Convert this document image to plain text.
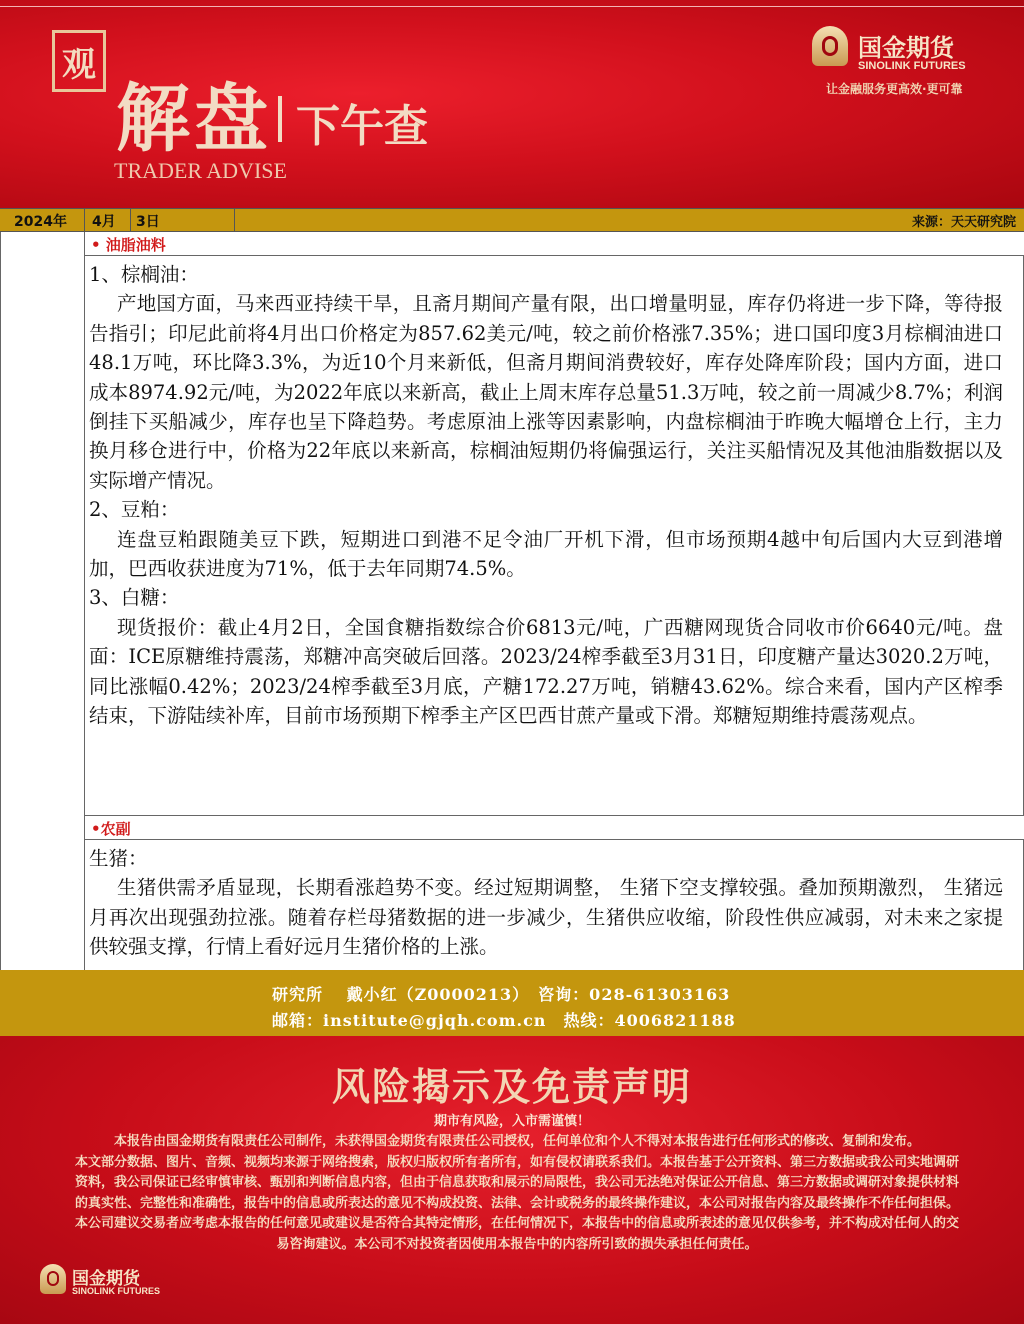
观
解盘 下午查
TRADER ADVISE
国金期货
SINOLINK FUTURES
让金融服务更高效·更可靠
2024年 4月 3日	来源：天天研究院
• 油脂油料

1、棕榈油：

产地国方面，马来西亚持续干旱，且斋月期间产量有限，出口增量明显，库存仍将进一步下降，等待报告指引；印尼此前将4月出口价格定为857.62美元/吨，较之前价格涨7.35%；进口国印度3月棕榈油进口48.1万吨，环比降3.3%，为近10个月来新低，但斋月期间消费较好，库存处降库阶段；国内方面，进口成本8974.92元/吨，为2022年底以来新高，截止上周末库存总量51.3万吨，较之前一周减少8.7%；利润倒挂下买船减少，库存也呈下降趋势。考虑原油上涨等因素影响，内盘棕榈油于昨晚大幅增仓上行，主力换月移仓进行中，价格为22年底以来新高，棕榈油短期仍将偏强运行，关注买船情况及其他油脂数据以及实际增产情况。

2、豆粕：

连盘豆粕跟随美豆下跌，短期进口到港不足令油厂开机下滑，但市场预期4越中旬后国内大豆到港增加，巴西收获进度为71%，低于去年同期74.5%。

3、白糖：

现货报价：截止4月2日，全国食糖指数综合价6813元/吨，广西糖网现货合同收市价6640元/吨。盘面：ICE原糖维持震荡，郑糖冲高突破后回落。2023/24榨季截至3月31日，印度糖产量达3020.2万吨，同比涨幅0.42%；2023/24榨季截至3月底，产糖172.27万吨，销糖43.62%。综合来看，国内产区榨季结束，下游陆续补库，目前市场预期下榨季主产区巴西甘蔗产量或下滑。郑糖短期维持震荡观点。

•农副

生猪：

生猪供需矛盾显现，长期看涨趋势不变。经过短期调整， 生猪下空支撑较强。叠加预期激烈， 生猪远月再次出现强劲拉涨。随着存栏母猪数据的进一步减少，生猪供应收缩，阶段性供应减弱，对未来之家提供较强支撑，行情上看好远月生猪价格的上涨。

研究所　 戴小红（Z0000213）　咨询：028-61303163
邮箱：institute@gjqh.com.cn　热线：4006821188
风险揭示及免责声明
期市有风险，入市需谨慎！

本报告由国金期货有限责任公司制作，未获得国金期货有限责任公司授权，任何单位和个人不得对本报告进行任何形式的修改、复制和发布。

本文部分数据、图片、音频、视频均来源于网络搜索，版权归版权所有者所有，如有侵权请联系我们。本报告基于公开资料、第三方数据或我公司实地调研资料，我公司保证已经审慎审核、甄别和判断信息内容，但由于信息获取和展示的局限性，我公司无法绝对保证公开信息、第三方数据或调研对象提供材料的真实性、完整性和准确性，报告中的信息或所表达的意见不构成投资、法律、会计或税务的最终操作建议，本公司对报告内容及最终操作不作任何担保。本公司建议交易者应考虑本报告的任何意见或建议是否符合其特定情形，在任何情况下，本报告中的信息或所表述的意见仅供参考，并不构成对任何人的交易咨询建议。本公司不对投资者因使用本报告中的内容所引致的损失承担任何责任。

国金期货
SINOLINK FUTURES
